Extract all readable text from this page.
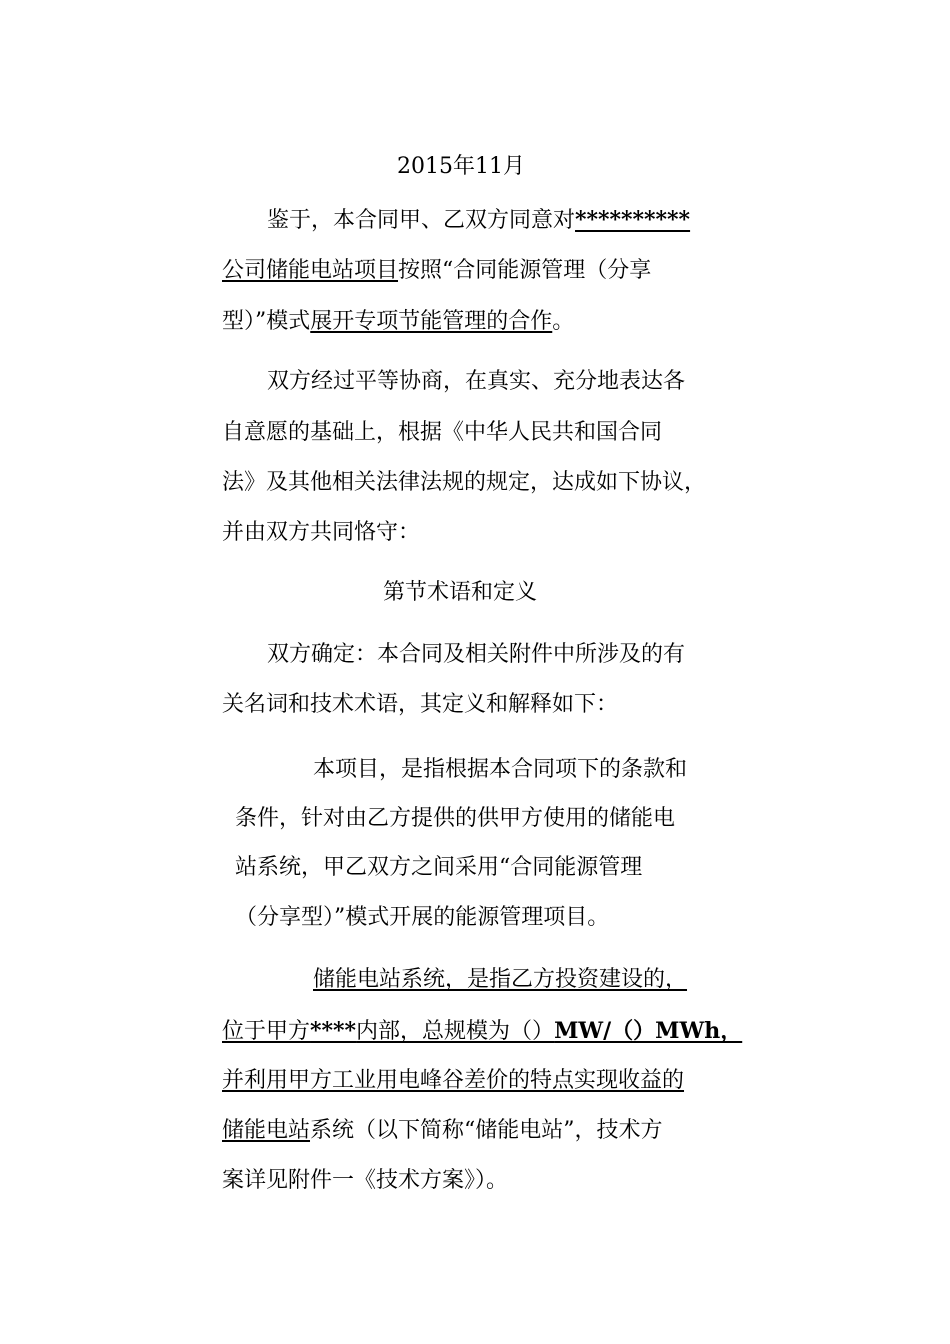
2015年11月
鉴于，本合同甲、乙双方同意对**********
公司储能电站项目按照“合同能源管理（分享
型）”模式展开专项节能管理的合作。
双方经过平等协商，在真实、充分地表达各
自意愿的基础上，根据《中华人民共和国合同
法》及其他相关法律法规的规定，达成如下协议，
并由双方共同恪守：
第节术语和定义
双方确定：本合同及相关附件中所涉及的有
关名词和技术术语，其定义和解释如下：
本项目，是指根据本合同项下的条款和
条件，针对由乙方提供的供甲方使用的储能电
站系统，甲乙双方之间采用“合同能源管理
（分享型）”模式开展的能源管理项目。
储能电站系统，是指乙方投资建设的，
位于甲方****内部，总规模为（）MW/（）MWh，
并利用甲方工业用电峰谷差价的特点实现收益的
储能电站系统（以下简称“储能电站”，技术方
案详见附件一《技术方案》）。
